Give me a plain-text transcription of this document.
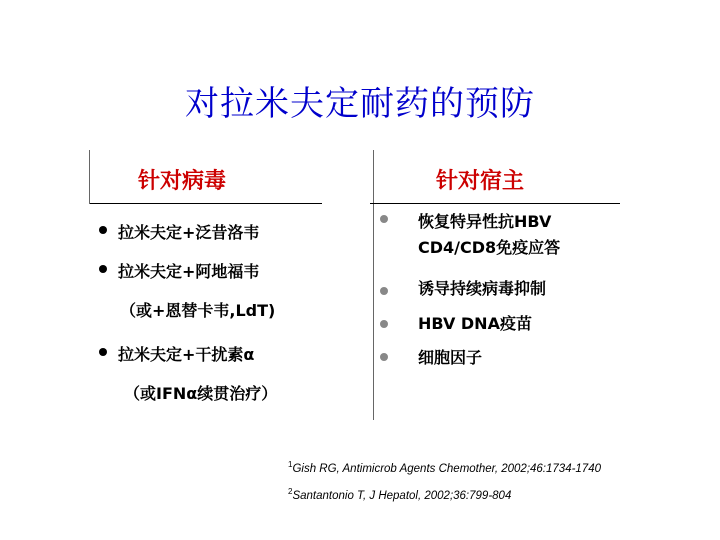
对拉米夫定耐药的预防
针对病毒
拉米夫定+泛昔洛韦
拉米夫定+阿地福韦
（或+恩替卡韦,LdT)
拉米夫定+干扰素α
（或IFNα续贯治疗）
针对宿主
恢复特异性抗HBV
CD4/CD8免疫应答
诱导持续病毒抑制
HBV DNA疫苗
细胞因子
$^1$Gish RG, Antimicrob Agents Chemother, 2002;46:1734-1740
$^2$Santantonio T, J Hepatol, 2002;36:799-804
